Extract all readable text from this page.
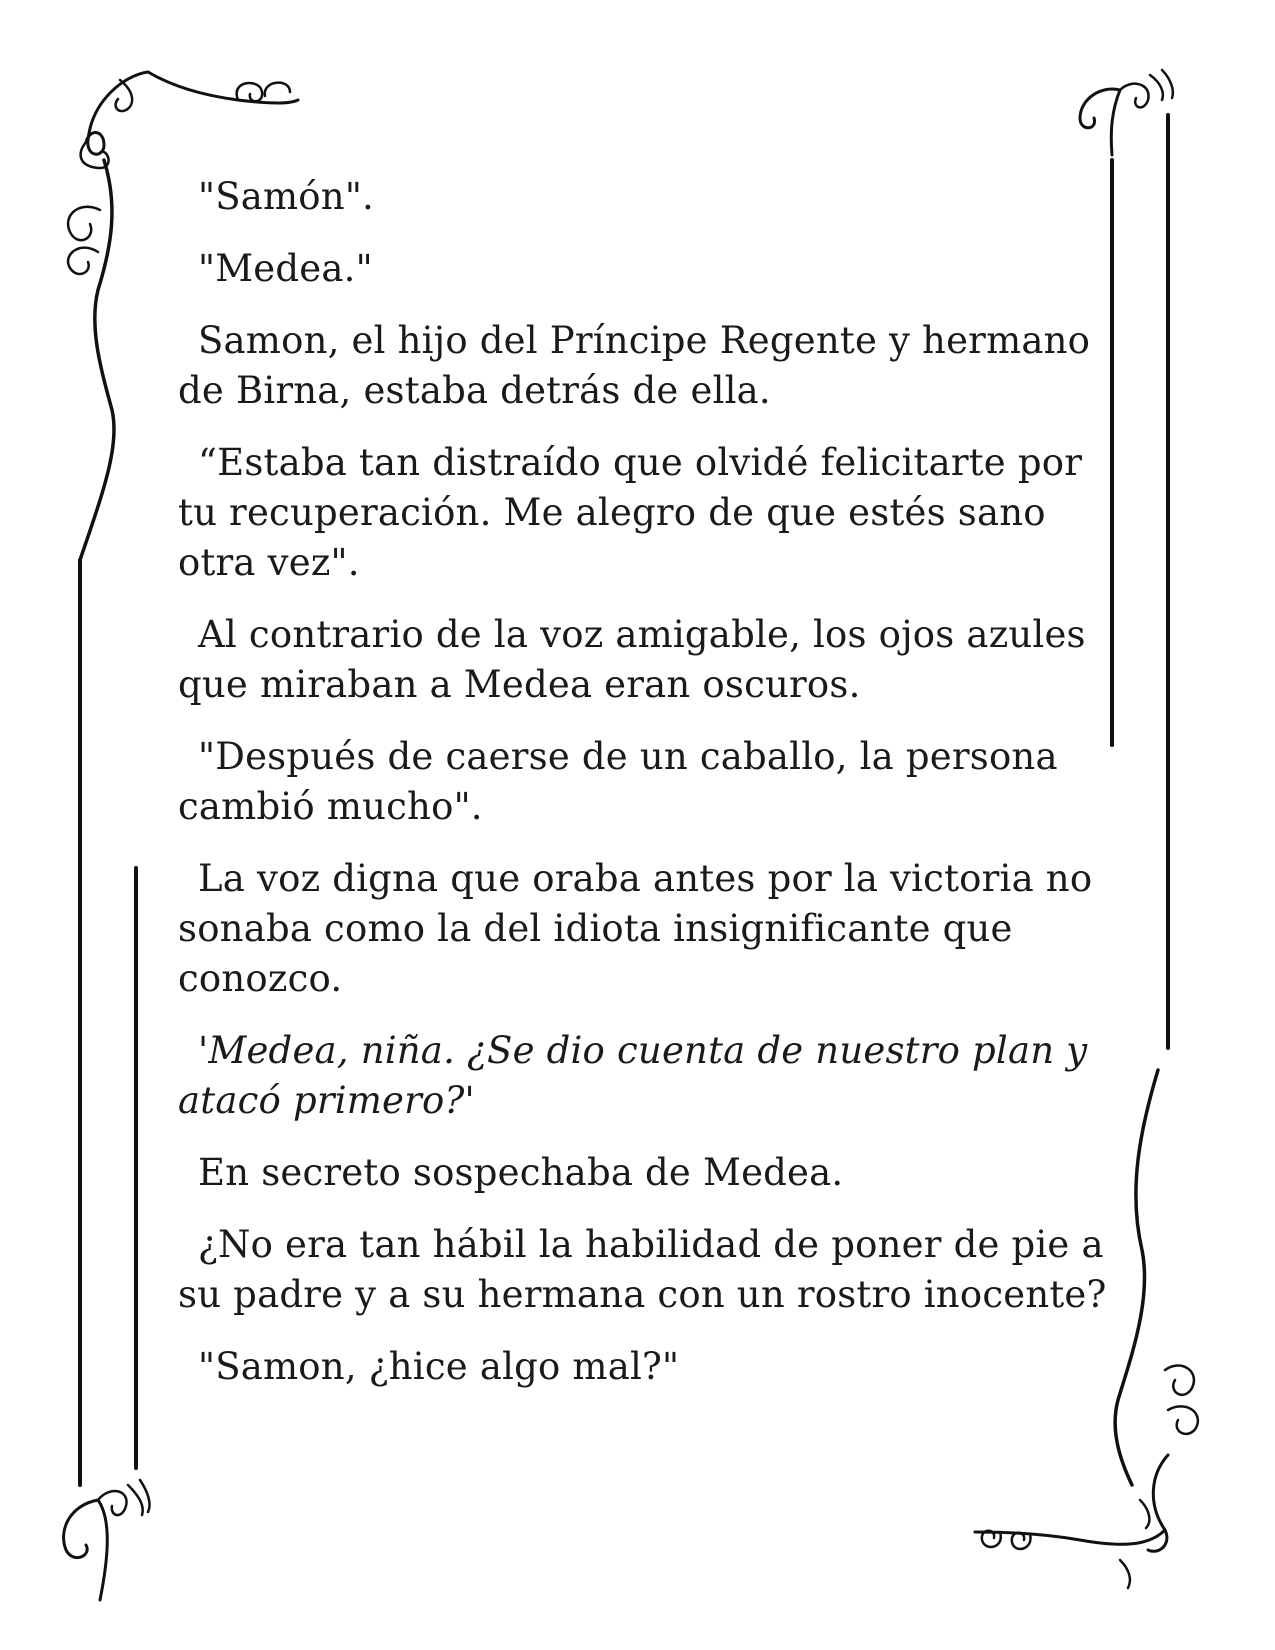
"Samón".

"Medea."

Samon, el hijo del Príncipe Regente y hermano de Birna, estaba detrás de ella.

“Estaba tan distraído que olvidé felicitarte por tu recuperación. Me alegro de que estés sano otra vez".

Al contrario de la voz amigable, los ojos azules que miraban a Medea eran oscuros.

"Después de caerse de un caballo, la persona cambió mucho".

La voz digna que oraba antes por la victoria no sonaba como la del idiota insignificante que conozco.

'Medea, niña. ¿Se dio cuenta de nuestro plan y atacó primero?'

En secreto sospechaba de Medea.

¿No era tan hábil la habilidad de poner de pie a su padre y a su hermana con un rostro inocente?

"Samon, ¿hice algo mal?"
